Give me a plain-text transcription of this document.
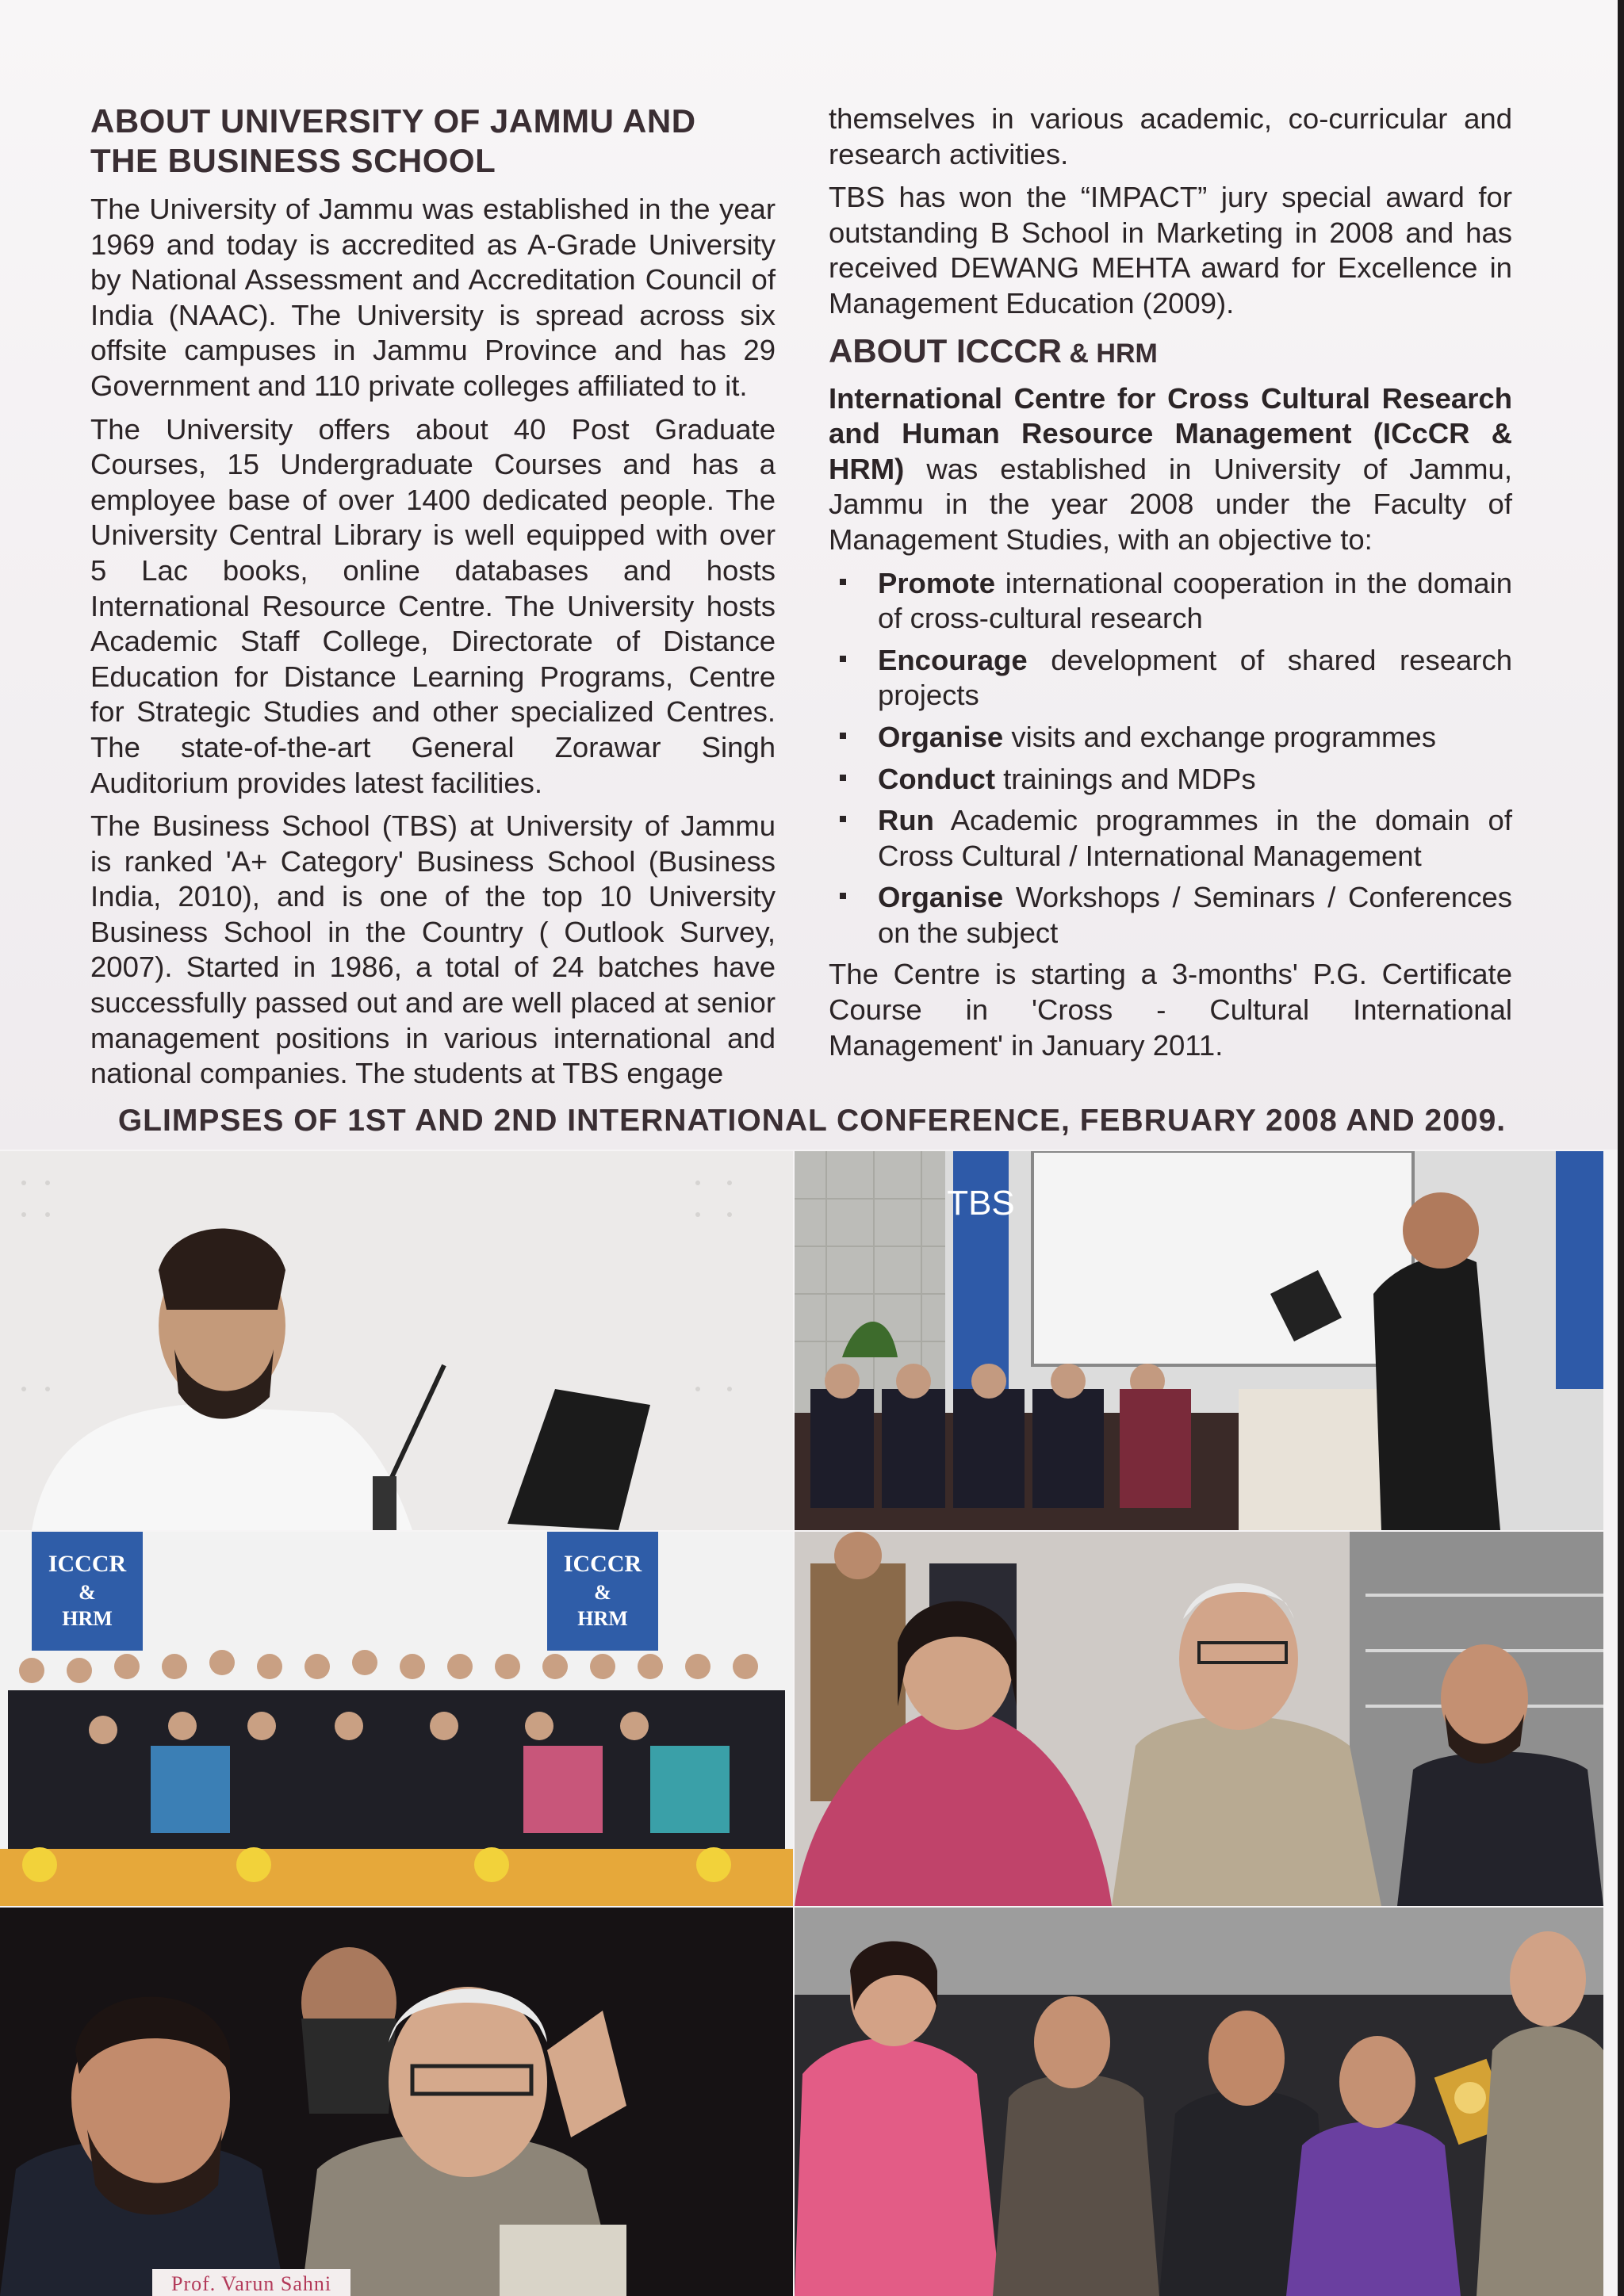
ABOUT UNIVERSITY OF JAMMU AND
THE BUSINESS SCHOOL

The University of Jammu was established in the year 1969 and today is accredited as A-Grade University by National Assessment and Accreditation Council of India (NAAC). The University is spread across six offsite campuses in Jammu Province and has 29 Government and 110 private colleges affiliated to it.

The University offers about 40 Post Graduate Courses, 15 Undergraduate Courses and has a employee base of over 1400 dedicated people. The University Central Library is well equipped with over 5 Lac books, online databases and hosts International Resource Centre. The University hosts Academic Staff College, Directorate of Distance Education for Distance Learning Programs, Centre for Strategic Studies and other specialized Centres. The state-of-the-art General Zorawar Singh Auditorium provides latest facilities.

The Business School (TBS) at University of Jammu is ranked 'A+ Category' Business School (Business India, 2010), and is one of the top 10 University Business School in the Country ( Outlook Survey, 2007). Started in 1986, a total of 24 batches have successfully passed out and are well placed at senior management positions in various international and national companies. The students at TBS engage

themselves in various academic, co-curricular and research activities.

TBS has won the “IMPACT” jury special award for outstanding B School in Marketing in 2008 and has received DEWANG MEHTA award for Excellence in Management Education (2009).

ABOUT ICCCR & HRM

International Centre for Cross Cultural Research and Human Resource Management (ICcCR & HRM) was established in University of Jammu, Jammu in the year 2008 under the Faculty of Management Studies, with an objective to:

Promote international cooperation in the domain of cross-cultural research
Encourage development of shared research projects
Organise visits and exchange programmes
Conduct trainings and MDPs
Run Academic programmes in the domain of Cross Cultural / International Management
Organise Workshops / Seminars / Conferences on the subject

The Centre is starting a 3-months' P.G. Certificate Course in 'Cross - Cultural International Management' in January 2011.

GLIMPSES OF 1ST AND 2ND INTERNATIONAL CONFERENCE, FEBRUARY 2008 AND 2009.
TBS
ICCCR
&
HRM
ICCCR
&
HRM
Prof. Varun Sahni
